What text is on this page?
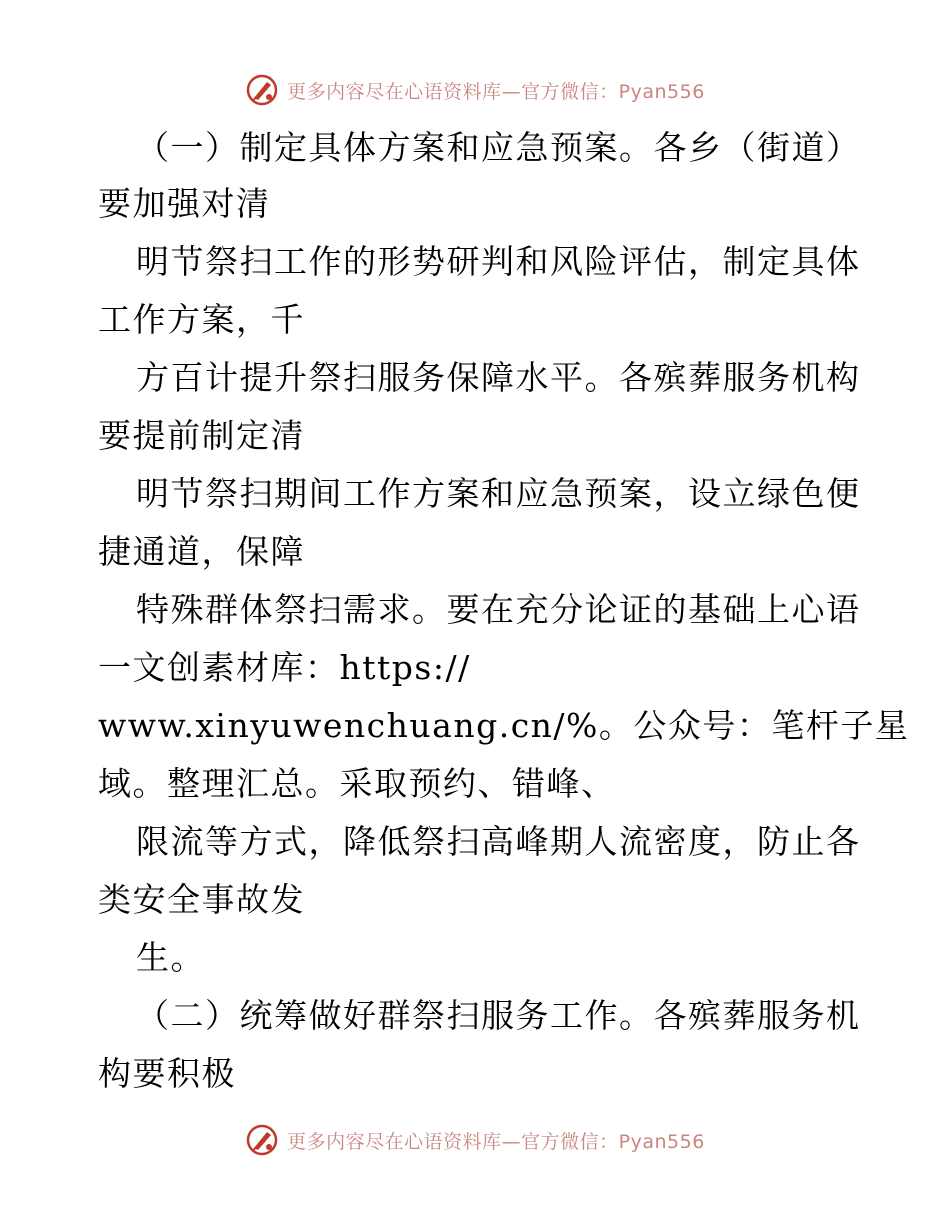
更多内容尽在心语资料库—官方微信：Pyan556
（一）制定具体方案和应急预案。各乡（街道）
要加强对清
明节祭扫工作的形势研判和风险评估，制定具体
工作方案，千
方百计提升祭扫服务保障水平。各殡葬服务机构
要提前制定清
明节祭扫期间工作方案和应急预案，设立绿色便
捷通道，保障
特殊群体祭扫需求。要在充分论证的基础上心语
一文创素材库：https://
www.xinyuwenchuang.cn/%。公众号：笔杆子星
域。整理汇总。采取预约、错峰、
限流等方式，降低祭扫高峰期人流密度，防止各
类安全事故发
生。
（二）统筹做好群祭扫服务工作。各殡葬服务机
构要积极
更多内容尽在心语资料库—官方微信：Pyan556
